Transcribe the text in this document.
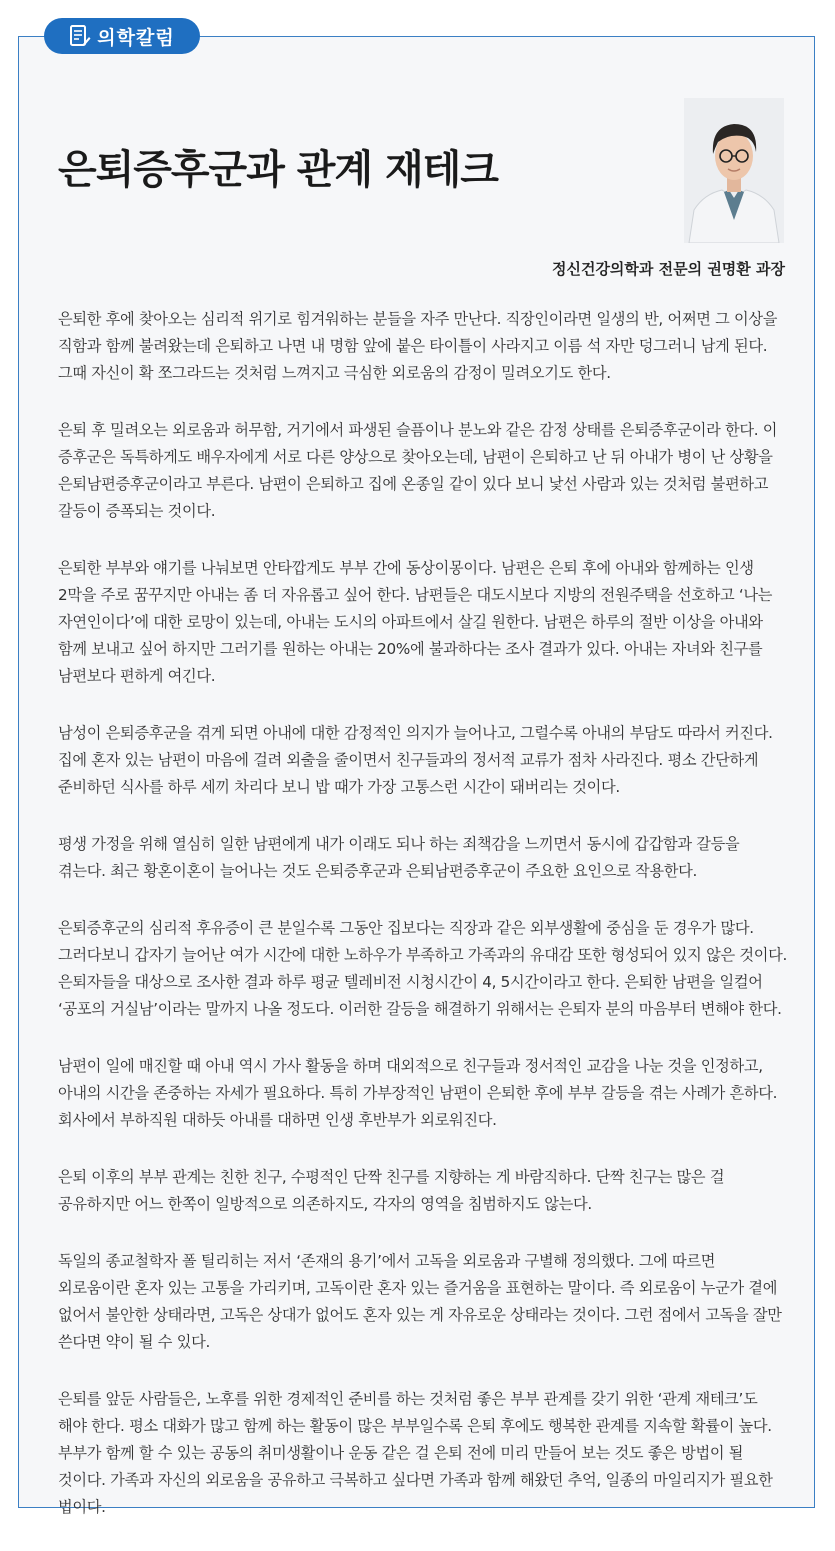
의학칼럼
은퇴증후군과 관계 재테크

정신건강의학과 전문의 권명환 과장

은퇴한 후에 찾아오는 심리적 위기로 힘겨워하는 분들을 자주 만난다. 직장인이라면 일생의 반, 어쩌면 그 이상을 직함과 함께 불려왔는데 은퇴하고 나면 내 명함 앞에 붙은 타이틀이 사라지고 이름 석 자만 덩그러니 남게 된다. 그때 자신이 확 쪼그라드는 것처럼 느껴지고 극심한 외로움의 감정이 밀려오기도 한다.

은퇴 후 밀려오는 외로움과 허무함, 거기에서 파생된 슬픔이나 분노와 같은 감정 상태를 은퇴증후군이라 한다. 이 증후군은 독특하게도 배우자에게 서로 다른 양상으로 찾아오는데, 남편이 은퇴하고 난 뒤 아내가 병이 난 상황을 은퇴남편증후군이라고 부른다. 남편이 은퇴하고 집에 온종일 같이 있다 보니 낯선 사람과 있는 것처럼 불편하고 갈등이 증폭되는 것이다.

은퇴한 부부와 얘기를 나눠보면 안타깝게도 부부 간에 동상이몽이다. 남편은 은퇴 후에 아내와 함께하는 인생 2막을 주로 꿈꾸지만 아내는 좀 더 자유롭고 싶어 한다. 남편들은 대도시보다 지방의 전원주택을 선호하고 ‘나는 자연인이다’에 대한 로망이 있는데, 아내는 도시의 아파트에서 살길 원한다. 남편은 하루의 절반 이상을 아내와 함께 보내고 싶어 하지만 그러기를 원하는 아내는 20%에 불과하다는 조사 결과가 있다. 아내는 자녀와 친구를 남편보다 편하게 여긴다.

남성이 은퇴증후군을 겪게 되면 아내에 대한 감정적인 의지가 늘어나고, 그럴수록 아내의 부담도 따라서 커진다. 집에 혼자 있는 남편이 마음에 걸려 외출을 줄이면서 친구들과의 정서적 교류가 점차 사라진다. 평소 간단하게 준비하던 식사를 하루 세끼 차리다 보니 밥 때가 가장 고통스런 시간이 돼버리는 것이다.

평생 가정을 위해 열심히 일한 남편에게 내가 이래도 되나 하는 죄책감을 느끼면서 동시에 갑갑함과 갈등을 겪는다. 최근 황혼이혼이 늘어나는 것도 은퇴증후군과 은퇴남편증후군이 주요한 요인으로 작용한다.

은퇴증후군의 심리적 후유증이 큰 분일수록 그동안 집보다는 직장과 같은 외부생활에 중심을 둔 경우가 많다. 그러다보니 갑자기 늘어난 여가 시간에 대한 노하우가 부족하고 가족과의 유대감 또한 형성되어 있지 않은 것이다. 은퇴자들을 대상으로 조사한 결과 하루 평균 텔레비전 시청시간이 4, 5시간이라고 한다. 은퇴한 남편을 일컬어 ‘공포의 거실남’이라는 말까지 나올 정도다. 이러한 갈등을 해결하기 위해서는 은퇴자 분의 마음부터 변해야 한다.

남편이 일에 매진할 때 아내 역시 가사 활동을 하며 대외적으로 친구들과 정서적인 교감을 나눈 것을 인정하고, 아내의 시간을 존중하는 자세가 필요하다. 특히 가부장적인 남편이 은퇴한 후에 부부 갈등을 겪는 사례가 흔하다. 회사에서 부하직원 대하듯 아내를 대하면 인생 후반부가 외로워진다.

은퇴 이후의 부부 관계는 친한 친구, 수평적인 단짝 친구를 지향하는 게 바람직하다. 단짝 친구는 많은 걸 공유하지만 어느 한쪽이 일방적으로 의존하지도, 각자의 영역을 침범하지도 않는다.

독일의 종교철학자 폴 틸리히는 저서 ‘존재의 용기’에서 고독을 외로움과 구별해 정의했다. 그에 따르면 외로움이란 혼자 있는 고통을 가리키며, 고독이란 혼자 있는 즐거움을 표현하는 말이다. 즉 외로움이 누군가 곁에 없어서 불안한 상태라면, 고독은 상대가 없어도 혼자 있는 게 자유로운 상태라는 것이다. 그런 점에서 고독을 잘만 쓴다면 약이 될 수 있다.

은퇴를 앞둔 사람들은, 노후를 위한 경제적인 준비를 하는 것처럼 좋은 부부 관계를 갖기 위한 ‘관계 재테크’도 해야 한다. 평소 대화가 많고 함께 하는 활동이 많은 부부일수록 은퇴 후에도 행복한 관계를 지속할 확률이 높다. 부부가 함께 할 수 있는 공동의 취미생활이나 운동 같은 걸 은퇴 전에 미리 만들어 보는 것도 좋은 방법이 될 것이다. 가족과 자신의 외로움을 공유하고 극복하고 싶다면 가족과 함께 해왔던 추억, 일종의 마일리지가 필요한 법이다.
